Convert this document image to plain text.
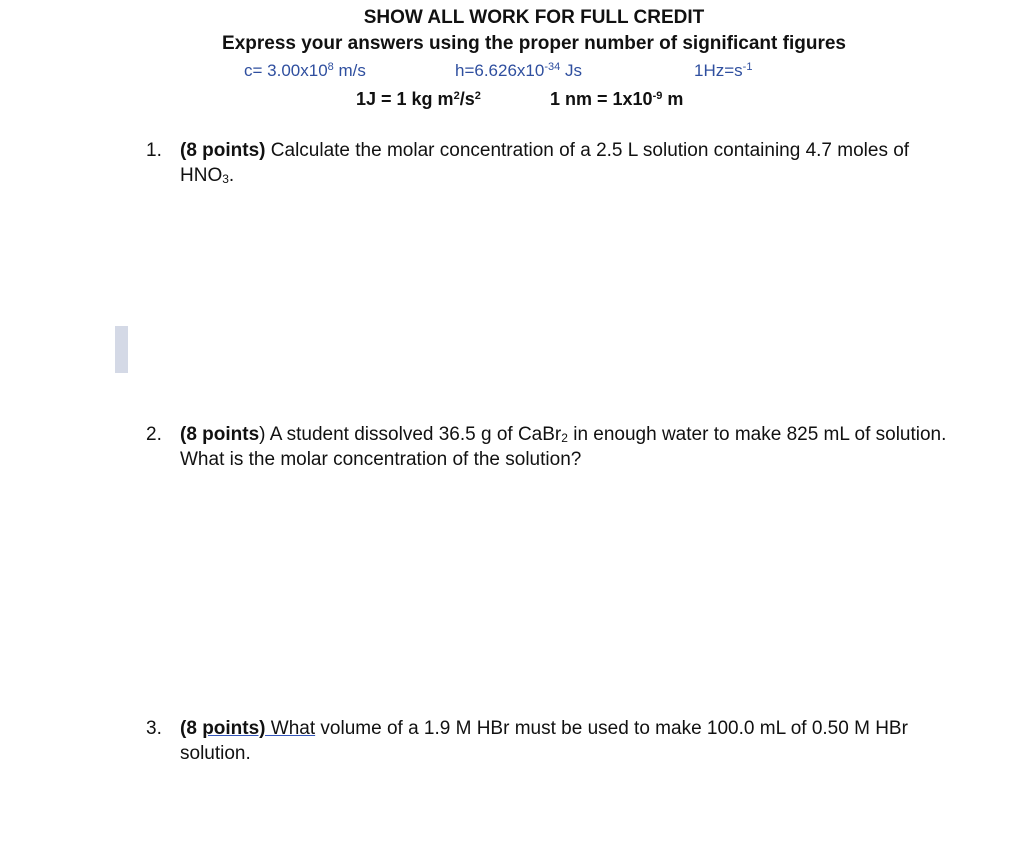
SHOW ALL WORK FOR FULL CREDIT
Express your answers using the proper number of significant figures
$c= 3.00x10^8$ m/s	$h=6.626x10^{-34}$ Js	$1Hz=s^{-1}$
1J = 1 kg $m^2/s^2$	1 nm = $1x10^{-9}$ m
1. (8 points) Calculate the molar concentration of a 2.5 L solution containing 4.7 moles of $HNO_3$.
2. (8 points) A student dissolved 36.5 g of CaBr$_2$ in enough water to make 825 mL of solution. What is the molar concentration of the solution?
3. (8 points) What volume of a 1.9 M HBr must be used to make 100.0 mL of 0.50 M HBr solution.
